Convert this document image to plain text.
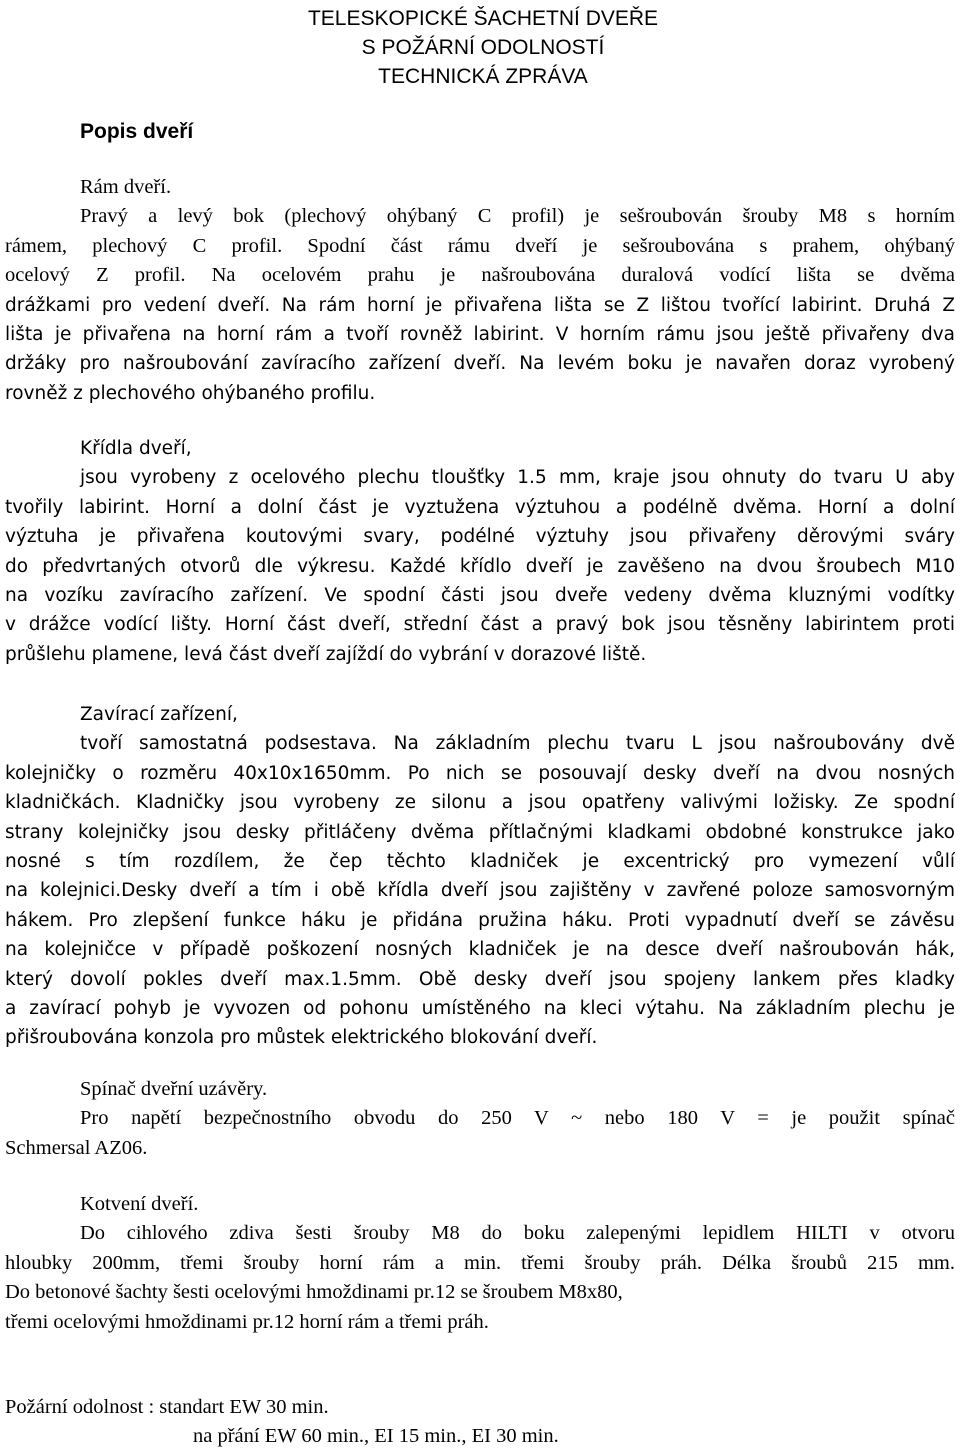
TELESKOPICKÉ ŠACHETNÍ DVEŘE
S POŽÁRNÍ ODOLNOSTÍ
TECHNICKÁ ZPRÁVA
Popis dveří
Rám dveří.
Pravý a levý bok (plechový ohýbaný C profil) je sešroubován šrouby M8 s horním
rámem, plechový C profil. Spodní část rámu dveří je sešroubována s prahem, ohýbaný
ocelový Z profil. Na ocelovém prahu je našroubována duralová vodící lišta se dvěma
drážkami pro vedení dveří. Na rám horní je přivařena lišta se Z lištou tvořící labirint. Druhá Z
lišta je přivařena na horní rám a tvoří rovněž labirint. V horním rámu jsou ještě přivařeny dva
držáky pro našroubování zavíracího zařízení dveří. Na levém boku je navařen doraz vyrobený
rovněž z plechového ohýbaného profilu.
Křídla dveří,
jsou vyrobeny z ocelového plechu tloušťky 1.5 mm, kraje jsou ohnuty do tvaru U aby
tvořily labirint. Horní a dolní část je vyztužena výztuhou a podélně dvěma. Horní a dolní
výztuha je přivařena koutovými svary, podélné výztuhy jsou přivařeny děrovými sváry
do předvrtaných otvorů dle výkresu. Každé křídlo dveří je zavěšeno na dvou šroubech M10
na vozíku zavíracího zařízení. Ve spodní části jsou dveře vedeny dvěma kluznými vodítky
v drážce vodící lišty. Horní část dveří, střední část a pravý bok jsou těsněny labirintem proti
průšlehu plamene, levá část dveří zajíždí do vybrání v dorazové liště.
Zavírací zařízení,
tvoří samostatná podsestava. Na základním plechu tvaru L jsou našroubovány dvě
kolejničky o rozměru 40x10x1650mm. Po nich se posouvají desky dveří na dvou nosných
kladničkách. Kladničky jsou vyrobeny ze silonu a jsou opatřeny valivými ložisky. Ze spodní
strany kolejničky jsou desky přitláčeny dvěma přítlačnými kladkami obdobné konstrukce jako
nosné s tím rozdílem, že čep těchto kladniček je excentrický pro vymezení vůlí
na kolejnici.Desky dveří a tím i obě křídla dveří jsou zajištěny v zavřené poloze samosvorným
hákem. Pro zlepšení funkce háku je přidána pružina háku. Proti vypadnutí dveří se závěsu
na kolejničce v případě poškození nosných kladniček je na desce dveří našroubován hák,
který dovolí pokles dveří max.1.5mm. Obě desky dveří jsou spojeny lankem přes kladky
a zavírací pohyb je vyvozen od pohonu umístěného na kleci výtahu. Na základním plechu je
přišroubována konzola pro můstek elektrického blokování dveří.
Spínač dveřní uzávěry.
Pro napětí bezpečnostního obvodu do 250 V ~ nebo 180 V = je použit spínač
Schmersal AZ06.
Kotvení dveří.
Do cihlového zdiva šesti šrouby M8 do boku zalepenými lepidlem HILTI v otvoru
hloubky 200mm, třemi šrouby horní rám a min. třemi šrouby práh. Délka šroubů 215 mm.
Do betonové šachty šesti ocelovými hmoždinami pr.12 se šroubem M8x80,
třemi ocelovými hmoždinami pr.12 horní rám a třemi práh.
Požární odolnost : standart EW 30 min.
na přání EW 60 min., EI 15 min., EI 30 min.
